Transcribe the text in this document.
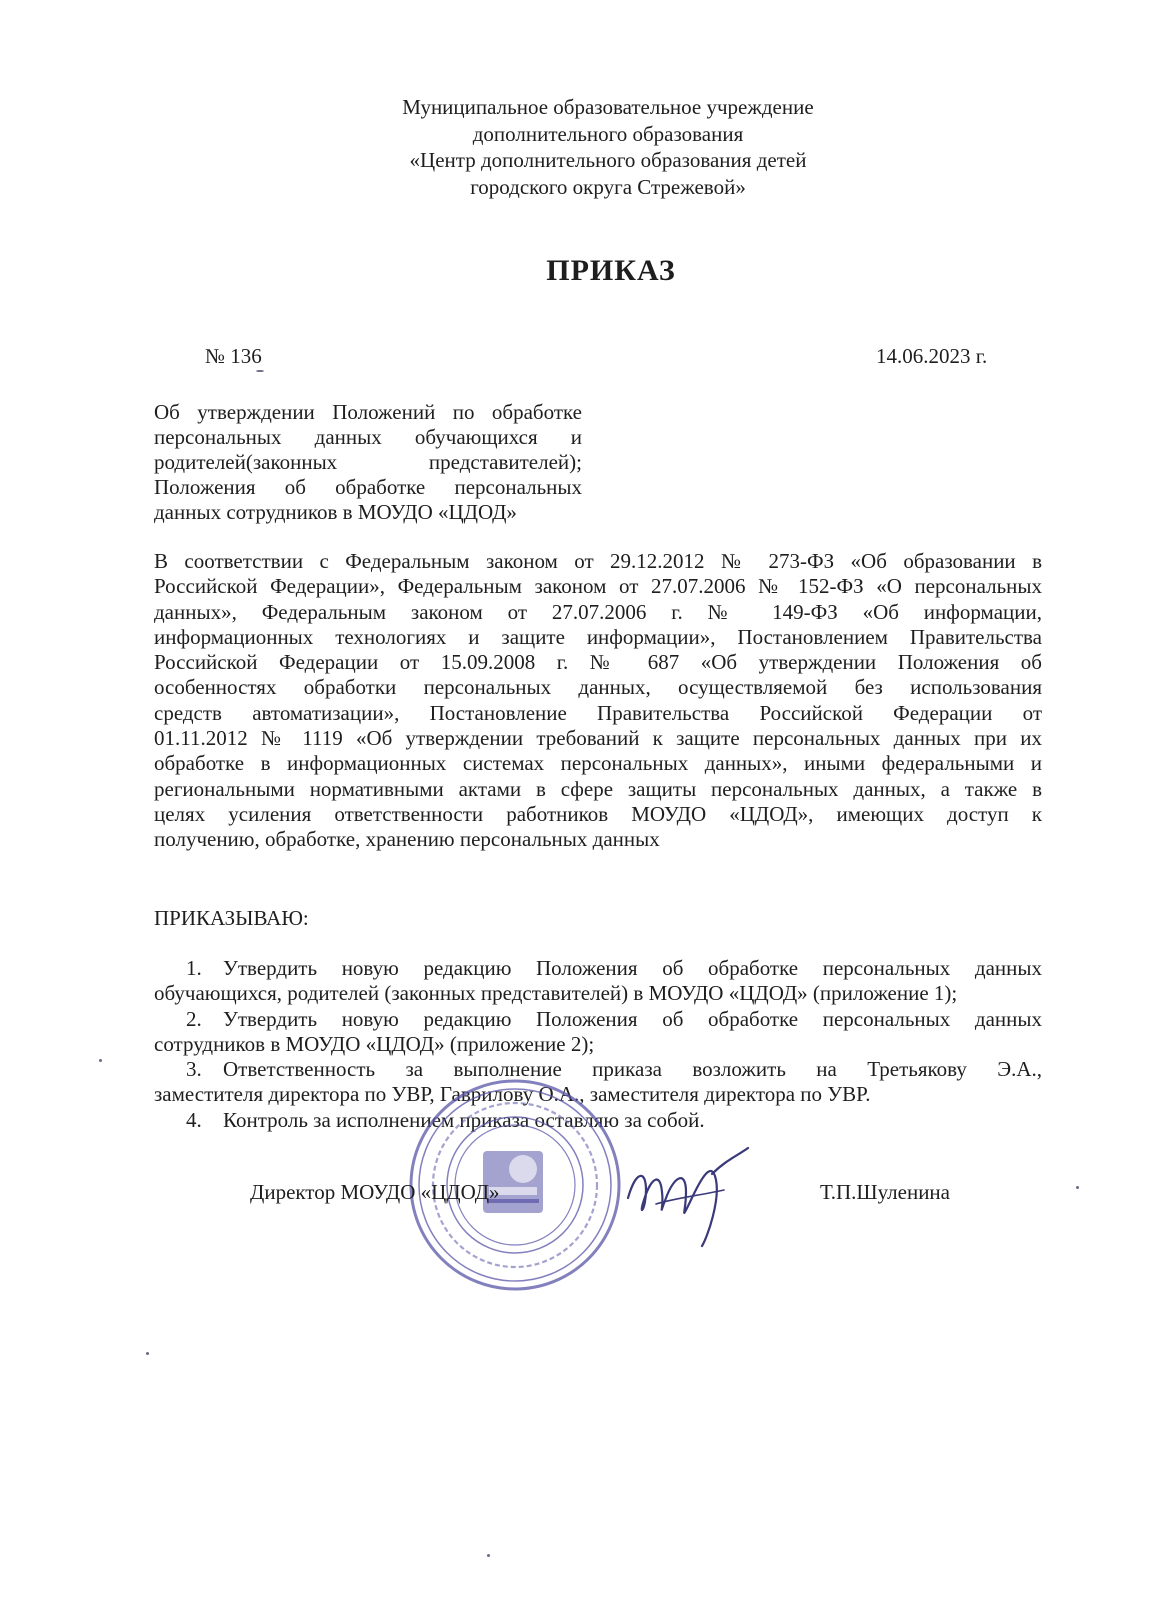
Муниципальное образовательное учреждение
дополнительного образования
«Центр дополнительного образования детей
городского округа Стрежевой»
ПРИКАЗ
№ 136	14.06.2023 г.
Об утверждении Положений по обработке
персональных данных обучающихся и
родителей(законных представителей);
Положения об обработке персональных
данных сотрудников в МОУДО «ЦДОД»
В соответствии с Федеральным законом от 29.12.2012 № 273-ФЗ «Об образовании в
Российской Федерации», Федеральным законом от 27.07.2006 № 152-ФЗ «О персональных
данных», Федеральным законом от 27.07.2006 г. № 149-ФЗ «Об информации,
информационных технологиях и защите информации», Постановлением Правительства
Российской Федерации от 15.09.2008 г. № 687 «Об утверждении Положения об
особенностях обработки персональных данных, осуществляемой без использования
средств автоматизации», Постановление Правительства Российской Федерации от
01.11.2012 № 1119 «Об утверждении требований к защите персональных данных при их
обработке в информационных системах персональных данных», иными федеральными и
региональными нормативными актами в сфере защиты персональных данных, а также в
целях усиления ответственности работников МОУДО «ЦДОД», имеющих доступ к
получению, обработке, хранению персональных данных
ПРИКАЗЫВАЮ:
1. Утвердить новую редакцию Положения об обработке персональных данных
обучающихся, родителей (законных представителей) в МОУДО «ЦДОД» (приложение 1);
2. Утвердить новую редакцию Положения об обработке персональных данных
сотрудников в МОУДО «ЦДОД» (приложение 2);
3. Ответственность за выполнение приказа возложить на Третьякову Э.А.,
заместителя директора по УВР, Гаврилову О.А., заместителя директора по УВР.
4. Контроль за исполнением приказа оставляю за собой.
Директор МОУДО «ЦДОД»	Т.П.Шуленина
